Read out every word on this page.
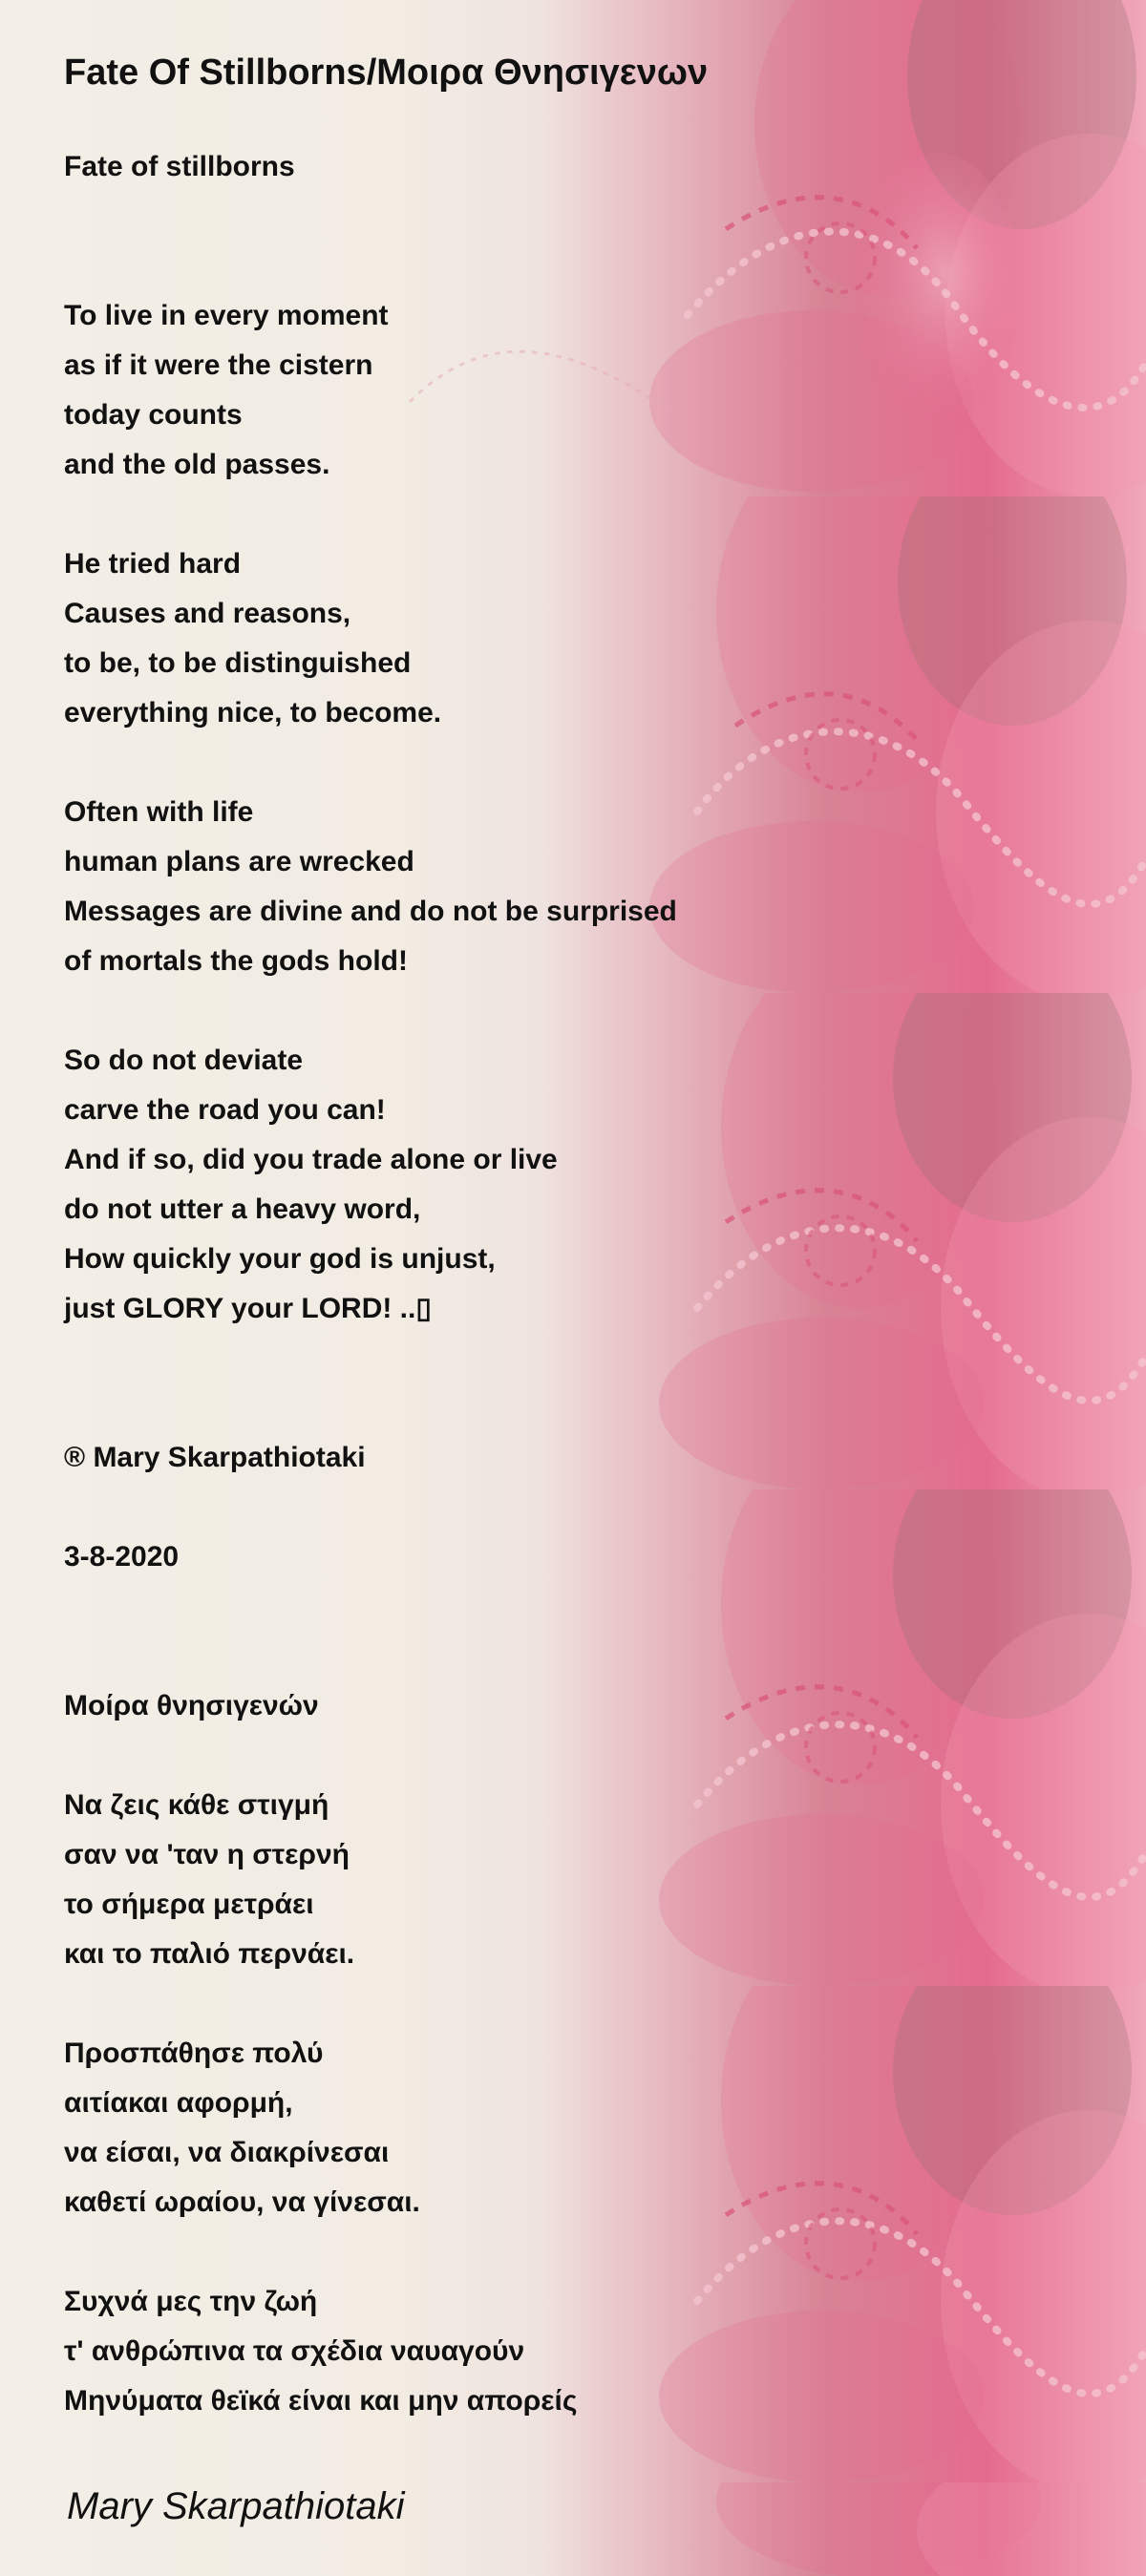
Fate Of Stillborns/Μοιρα Θνησιγενων
Fate of stillborns
To live in every moment
as if it were the cistern
today counts
and the old passes.
He tried hard
Causes and reasons,
to be, to be distinguished
everything nice, to become.
Often with life
human plans are wrecked
Messages are divine and do not be surprised
of mortals the gods hold!
So do not deviate
carve the road you can!
And if so, did you trade alone or live
do not utter a heavy word,
How quickly your god is unjust,
just GLORY your LORD! ..▯
® Mary Skarpathiotaki
3-8-2020
Μοίρα θνησιγενών
Να ζεις κάθε στιγμή
σαν να 'ταν η στερνή
το σήμερα μετράει
και το παλιό περνάει.
Προσπάθησε πολύ
αιτίακαι αφορμή,
να είσαι, να διακρίνεσαι
καθετί ωραίου, να γίνεσαι.
Συχνά μες την ζωή
τ' ανθρώπινα τα σχέδια ναυαγούν
Μηνύματα θεϊκά είναι και μην απορείς
Mary Skarpathiotaki
